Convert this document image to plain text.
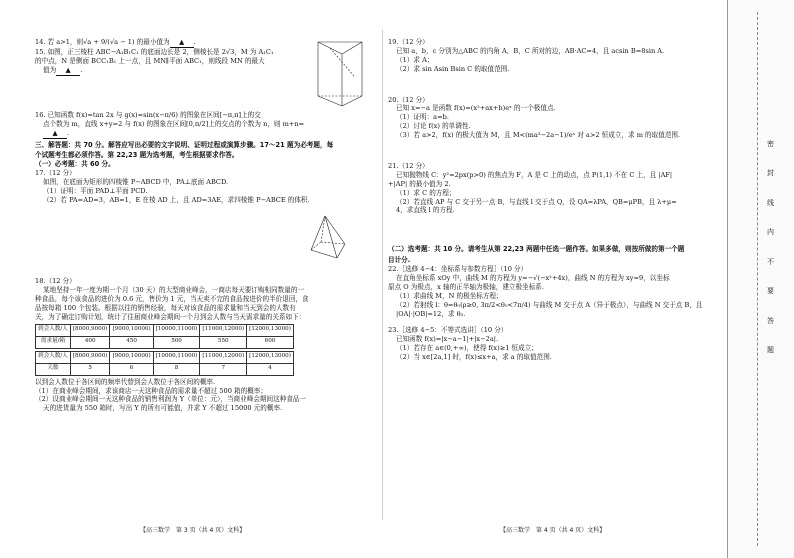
密
封
线
内
不
要
答
题

14. 若 a>1，则√a + 9/(√a − 1) 的最小值为 ▲ .

15. 如图，正三棱柱 ABC−A₁B₁C₁ 的底面边长是 2，侧棱长是 2√3，M 为 A₁C₁

的中点，N 是侧面 BCC₁B₁ 上一点，且 MN∥平面 ABC₁，则线段 MN 的最大

值为 ▲ .

16. 已知函数 f(x)=tan 2x 与 g(x)=sin(x−π/6) 的图象在区间[−π,π]上的交

点个数为 m，直线 x+y=2 与 f(x) 的图象在区间[0,π/2]上的交点的个数为 n，则 m+n=

▲ .

三、解答题：共 70 分。解答应写出必要的文字说明、证明过程或演算步骤。17～21 题为必考题，每

个试题考生都必须作答。第 22,23 题为选考题，考生根据要求作答。

（一）必考题：共 60 分。

17.（12 分）

如图，在底面为矩形的四棱锥 P−ABCD 中，PA⊥底面 ABCD.

（1）证明：平面 PAD⊥平面 PCD.

（2）若 PA=AD=3，AB=1，E 在棱 AD 上，且 AD=3AE，求四棱锥 P−ABCE 的体积.

18.（12 分）

某地坚持一年一度为期一个月（30 天）的大型商业峰会，一商店每天要订购相同数量的一

种食品，每个该食品的进价为 0.6 元，售价为 1 元，当天卖不完的食品按进价的半价退回，食

品按每箱 100 个包装。根据以往的销售经验，每天对该食品的需求量和当天到会的人数有

关，为了确定订购计划，统计了往届商业峰会期间一个月到会人数与当天需求量的关系如下：

到会人数/人	[8000,9000)	[9000,10000)	[10000,11000)	[11000,12000)	[12000,13000)
需求量/箱	400	450	500	550	600
到会人数/人	[8000,9000)	[9000,10000)	[10000,11000)	[11000,12000)	[12000,13000)
天数	5	6	8	7	4

以到会人数位于各区间的频率代替到会人数位于各区间的概率.

（1）在商业峰会期间，求该商店一天这种食品的需求量不超过 500 箱的概率；

（2）设商业峰会期间一天这种食品的销售利润为 Y（单位：元），当商业峰会期间这种食品一

天的进货量为 550 箱时，写出 Y 的所有可能值，并求 Y 不超过 15000 元的概率.

【高三数学　第 3 页（共 4 页）文科】

19.（12 分）

已知 a，b，c 分别为△ABC 的内角 A，B，C 所对的边，AB·AC=4，且 acsin B=8sin A.

（1）求 A；

（2）求 sin Asin Bsin C 的取值范围.

20.（12 分）

已知 x=−a 是函数 f(x)=(x²+ax+b)eˣ 的一个极值点.

（1）证明：a=b.

（2）讨论 f(x) 的单调性.

（3）若 a>2，f(x) 的极大值为 M，且 M<(ma³−2a−1)/eᵃ 对 a>2 恒成立，求 m 的取值范围.

21.（12 分）

已知抛物线 C：y²=2px(p>0) 的焦点为 F，A 是 C 上的动点，点 P(1,1) 不在 C 上，且 |AF|

+|AP| 的最小值为 2.

（1）求 C 的方程；

（2）若直线 AP 与 C 交于另一点 B，与直线 l 交于点 Q，设 QA=λPA，QB=μPB，且 λ+μ=

4，求直线 l 的方程.

（二）选考题：共 10 分。请考生从第 22,23 两题中任选一题作答。如果多做，则按所做的第一个题

目计分.

22.［选修 4−4：坐标系与参数方程］（10 分）

在直角坐标系 xOy 中，曲线 M 的方程为 y=−√(−x²+4x)，曲线 N 的方程为 xy=9，以坐标

原点 O 为极点，x 轴的正半轴为极轴，建立极坐标系.

（1）求曲线 M，N 的极坐标方程；

（2）若射线 l：θ=θ₀(ρ≥0, 3π/2<θ₀<7π/4) 与曲线 M 交于点 A（异于极点），与曲线 N 交于点 B，且

|OA|·|OB|=12，求 θ₀.

23.［选修 4−5：不等式选讲］（10 分）

已知函数 f(x)=|x−a−1|+|x−2a|.

（1）若存在 a∈(0,+∞)，使得 f(x)≥1 恒成立；

（2）当 x∈[2a,1] 时，f(x)≤x+a，求 a 的取值范围.

【高三数学　第 4 页（共 4 页）文科】
